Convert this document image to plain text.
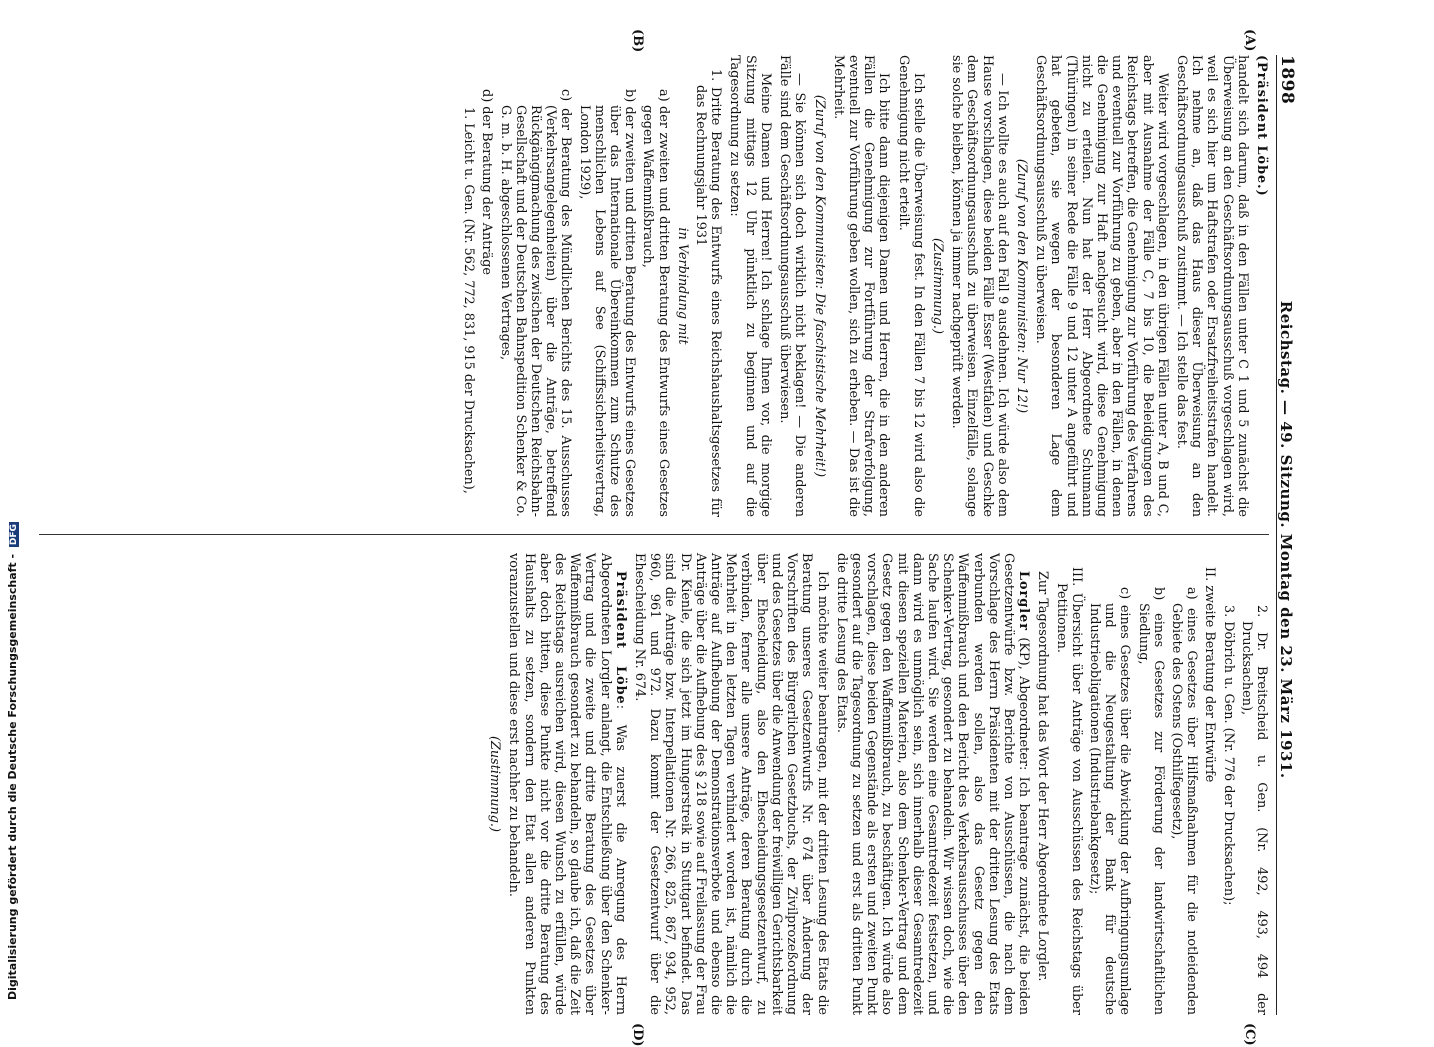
1898
Reichstag. — 49. Sitzung. Montag den 23. März 1931.
(A)
(B)
(C)
(D)

(Präsident Löbe.)

handelt sich darum, daß in den Fällen unter C 1 und 5 zunächst die Überweisung an den Geschäftsordnungsausschuß vorgeschlagen wird, weil es sich hier um Haftstrafen oder Ersatzfreiheitsstrafen handelt. Ich nehme an, daß das Haus dieser Überweisung an den Geschäftsordnungsausschuß zustimmt. — Ich stelle das fest.

Weiter wird vorgeschlagen, in den übrigen Fällen unter A, B und C, aber mit Ausnahme der Fälle C, 7 bis 10, die Beleidigungen des Reichstags betreffen, die Genehmigung zur Vorführung des Verfahrens und eventuell zur Vorführung zu geben, aber in den Fällen, in denen die Genehmigung zur Haft nachgesucht wird, diese Genehmigung nicht zu erteilen. Nun hat der Herr Abgeordnete Schumann (Thüringen) in seiner Rede die Fälle 9 und 12 unter A angeführt und hat gebeten, sie wegen der besonderen Lage dem Geschäftsordnungsausschuß zu überweisen.

(Zuruf von den Kommunisten: Nur 12!)

— Ich wollte es auch auf den Fall 9 ausdehnen. Ich würde also dem Hause vorschlagen, diese beiden Fälle Esser (Westfalen) und Geschke dem Geschäftsordnungsausschuß zu überweisen. Einzelfälle, solange sie solche bleiben, können ja immer nachgeprüft werden.

(Zustimmung.)

Ich stelle die Überweisung fest. In den Fällen 7 bis 12 wird also die Genehmigung nicht erteilt.

Ich bitte dann diejenigen Damen und Herren, die in den anderen Fällen die Genehmigung zur Fortführung der Strafverfolgung, eventuell zur Vorführung geben wollen, sich zu erheben. — Das ist die Mehrheit.

(Zuruf von den Kommunisten: Die faschistische Mehrheit!)

— Sie können sich doch wirklich nicht beklagen! — Die anderen Fälle sind dem Geschäftsordnungsausschuß überwiesen.

Meine Damen und Herren! Ich schlage Ihnen vor, die morgige Sitzung mittags 12 Uhr pünktlich zu beginnen und auf die Tagesordnung zu setzen:

1. Dritte Beratung des Entwurfs eines Reichshaushaltsgesetzes für das Rechnungsjahr 1931

in Verbindung mit

a) der zweiten und dritten Beratung des Entwurfs eines Gesetzes gegen Waffenmißbrauch,

b) der zweiten und dritten Beratung des Entwurfs eines Gesetzes über das Internationale Übereinkommen zum Schutze des menschlichen Lebens auf See (Schiffssicherheitsvertrag, London 1929),

c) der Beratung des Mündlichen Berichts des 15. Ausschusses (Verkehrsangelegenheiten) über die Anträge, betreffend Rückgängigmachung des zwischen der Deutschen Reichsbahn-Gesellschaft und der Deutschen Bahnspedition Schenker & Co. G. m. b. H. abgeschlossenen Vertrages,

d) der Beratung der Anträge

1. Leicht u. Gen. (Nr. 562, 772, 831, 915 der Drucksachen),

2. Dr. Breitscheid u. Gen. (Nr. 492, 493, 494 der Drucksachen),

3. Döbrich u. Gen. (Nr. 776 der Drucksachen);

II. zweite Beratung der Entwürfe

a) eines Gesetzes über Hilfsmaßnahmen für die notleidenden Gebiete des Ostens (Osthilfegesetz),

b) eines Gesetzes zur Förderung der landwirtschaftlichen Siedlung,

c) eines Gesetzes über die Abwicklung der Aufbringungsumlage und die Neugestaltung der Bank für deutsche Industrieobligationen (Industriebankgesetz);

III. Übersicht über Anträge von Ausschüssen des Reichstags über Petitionen.

Zur Tagesordnung hat das Wort der Herr Abgeordnete Lorgler.

Lorgler (KP), Abgeordneter: Ich beantrage zunächst, die beiden Gesetzentwürfe bzw. Berichte von Ausschüssen, die nach dem Vorschlage des Herrn Präsidenten mit der dritten Lesung des Etats verbunden werden sollen, also das Gesetz gegen den Waffenmißbrauch und den Bericht des Verkehrsausschusses über den Schenker-Vertrag, gesondert zu behandeln. Wir wissen doch, wie die Sache laufen wird. Sie werden eine Gesamtredezeit festsetzen, und dann wird es unmöglich sein, sich innerhalb dieser Gesamtredezeit mit diesen speziellen Materien, also dem Schenker-Vertrag und dem Gesetz gegen den Waffenmißbrauch, zu beschäftigen. Ich würde also vorschlagen, diese beiden Gegenstände als ersten und zweiten Punkt gesondert auf die Tagesordnung zu setzen und erst als dritten Punkt die dritte Lesung des Etats.

Ich möchte weiter beantragen, mit der dritten Lesung des Etats die Beratung unseres Gesetzentwurfs Nr. 674 über Änderung der Vorschriften des Bürgerlichen Gesetzbuchs, der Zivilprozeßordnung und des Gesetzes über die Anwendung der freiwilligen Gerichtsbarkeit über Ehescheidung, also den Ehescheidungsgesetzentwurf, zu verbinden, ferner alle unsere Anträge, deren Beratung durch die Mehrheit in den letzten Tagen verhindert worden ist, nämlich die Anträge auf Aufhebung der Demonstrationsverbote und ebenso die Anträge über die Aufhebung des § 218 sowie auf Freilassung der Frau Dr. Kienle, die sich jetzt im Hungerstreik in Stuttgart befindet. Das sind die Anträge bzw. Interpellationen Nr. 266, 825, 867, 934, 952, 960, 961 und 972. Dazu kommt der Gesetzentwurf über die Ehescheidung Nr. 674.

Präsident Löbe: Was zuerst die Anregung des Herrn Abgeordneten Lorgler anlangt, die Entschließung über den Schenker-Vertrag und die zweite und dritte Beratung des Gesetzes über Waffenmißbrauch gesondert zu behandeln, so glaube ich, daß die Zeit des Reichstags ausreichen wird, diesen Wunsch zu erfüllen, würde aber doch bitten, diese Punkte nicht vor die dritte Beratung des Haushalts zu setzen, sondern den Etat allen anderen Punkten voranzustellen und diese erst nachher zu behandeln.

(Zustimmung.)

Digitalisierung gefördert durch die Deutsche Forschungsgemeinschaft - DFG
